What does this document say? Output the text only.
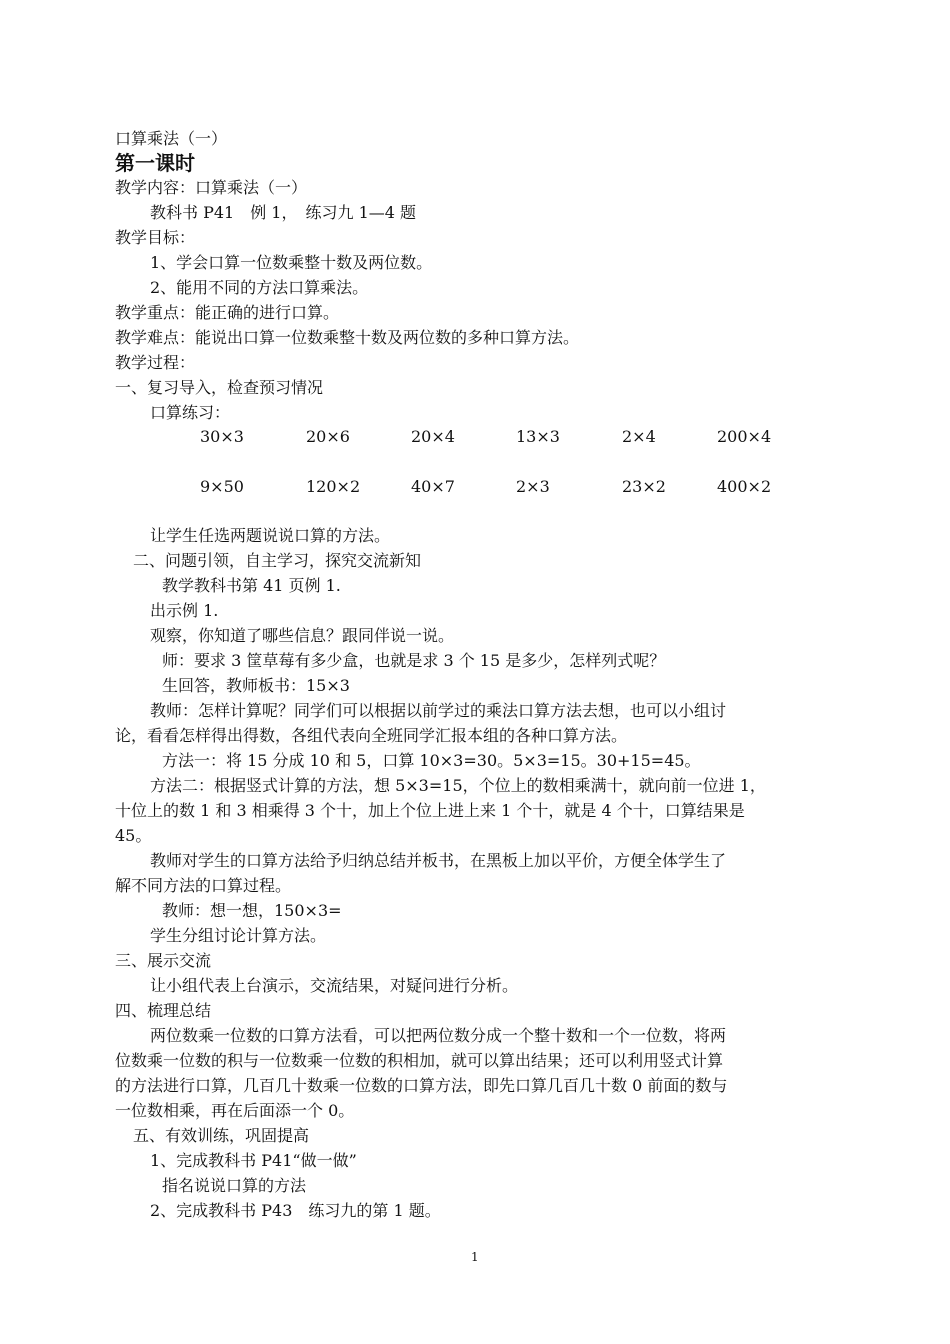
口算乘法（一）
第一课时
教学内容：口算乘法（一）
教科书 P41　例 1，　练习九 1—4 题
教学目标：
1、学会口算一位数乘整十数及两位数。
2、能用不同的方法口算乘法。
教学重点：能正确的进行口算。
教学难点：能说出口算一位数乘整十数及两位数的多种口算方法。
教学过程：
一、复习导入，检查预习情况
口算练习：
30×3	20×6	20×4	13×3	2×4	200×4
9×50	120×2	40×7	2×3	23×2	400×2
让学生任选两题说说口算的方法。
二、问题引领，自主学习，探究交流新知
教学教科书第 41 页例 1.
出示例 1.
观察，你知道了哪些信息？跟同伴说一说。
师：要求 3 筐草莓有多少盒，也就是求 3 个 15 是多少，怎样列式呢？
生回答，教师板书：15×3
教师：怎样计算呢？同学们可以根据以前学过的乘法口算方法去想，也可以小组讨
论，看看怎样得出得数，各组代表向全班同学汇报本组的各种口算方法。
方法一：将 15 分成 10 和 5，口算 10×3=30。5×3=15。30+15=45。
方法二：根据竖式计算的方法，想 5×3=15，个位上的数相乘满十，就向前一位进 1，
十位上的数 1 和 3 相乘得 3 个十，加上个位上进上来 1 个十，就是 4 个十，口算结果是
45。
教师对学生的口算方法给予归纳总结并板书，在黑板上加以平价，方便全体学生了
解不同方法的口算过程。
教师：想一想，150×3=
学生分组讨论计算方法。
三、展示交流
让小组代表上台演示，交流结果，对疑问进行分析。
四、梳理总结
两位数乘一位数的口算方法看，可以把两位数分成一个整十数和一个一位数，将两
位数乘一位数的积与一位数乘一位数的积相加，就可以算出结果；还可以利用竖式计算
的方法进行口算，几百几十数乘一位数的口算方法，即先口算几百几十数 0 前面的数与
一位数相乘，再在后面添一个 0。
五、有效训练，巩固提高
1、完成教科书 P41“做一做”
指名说说口算的方法
2、完成教科书 P43　练习九的第 1 题。
1
